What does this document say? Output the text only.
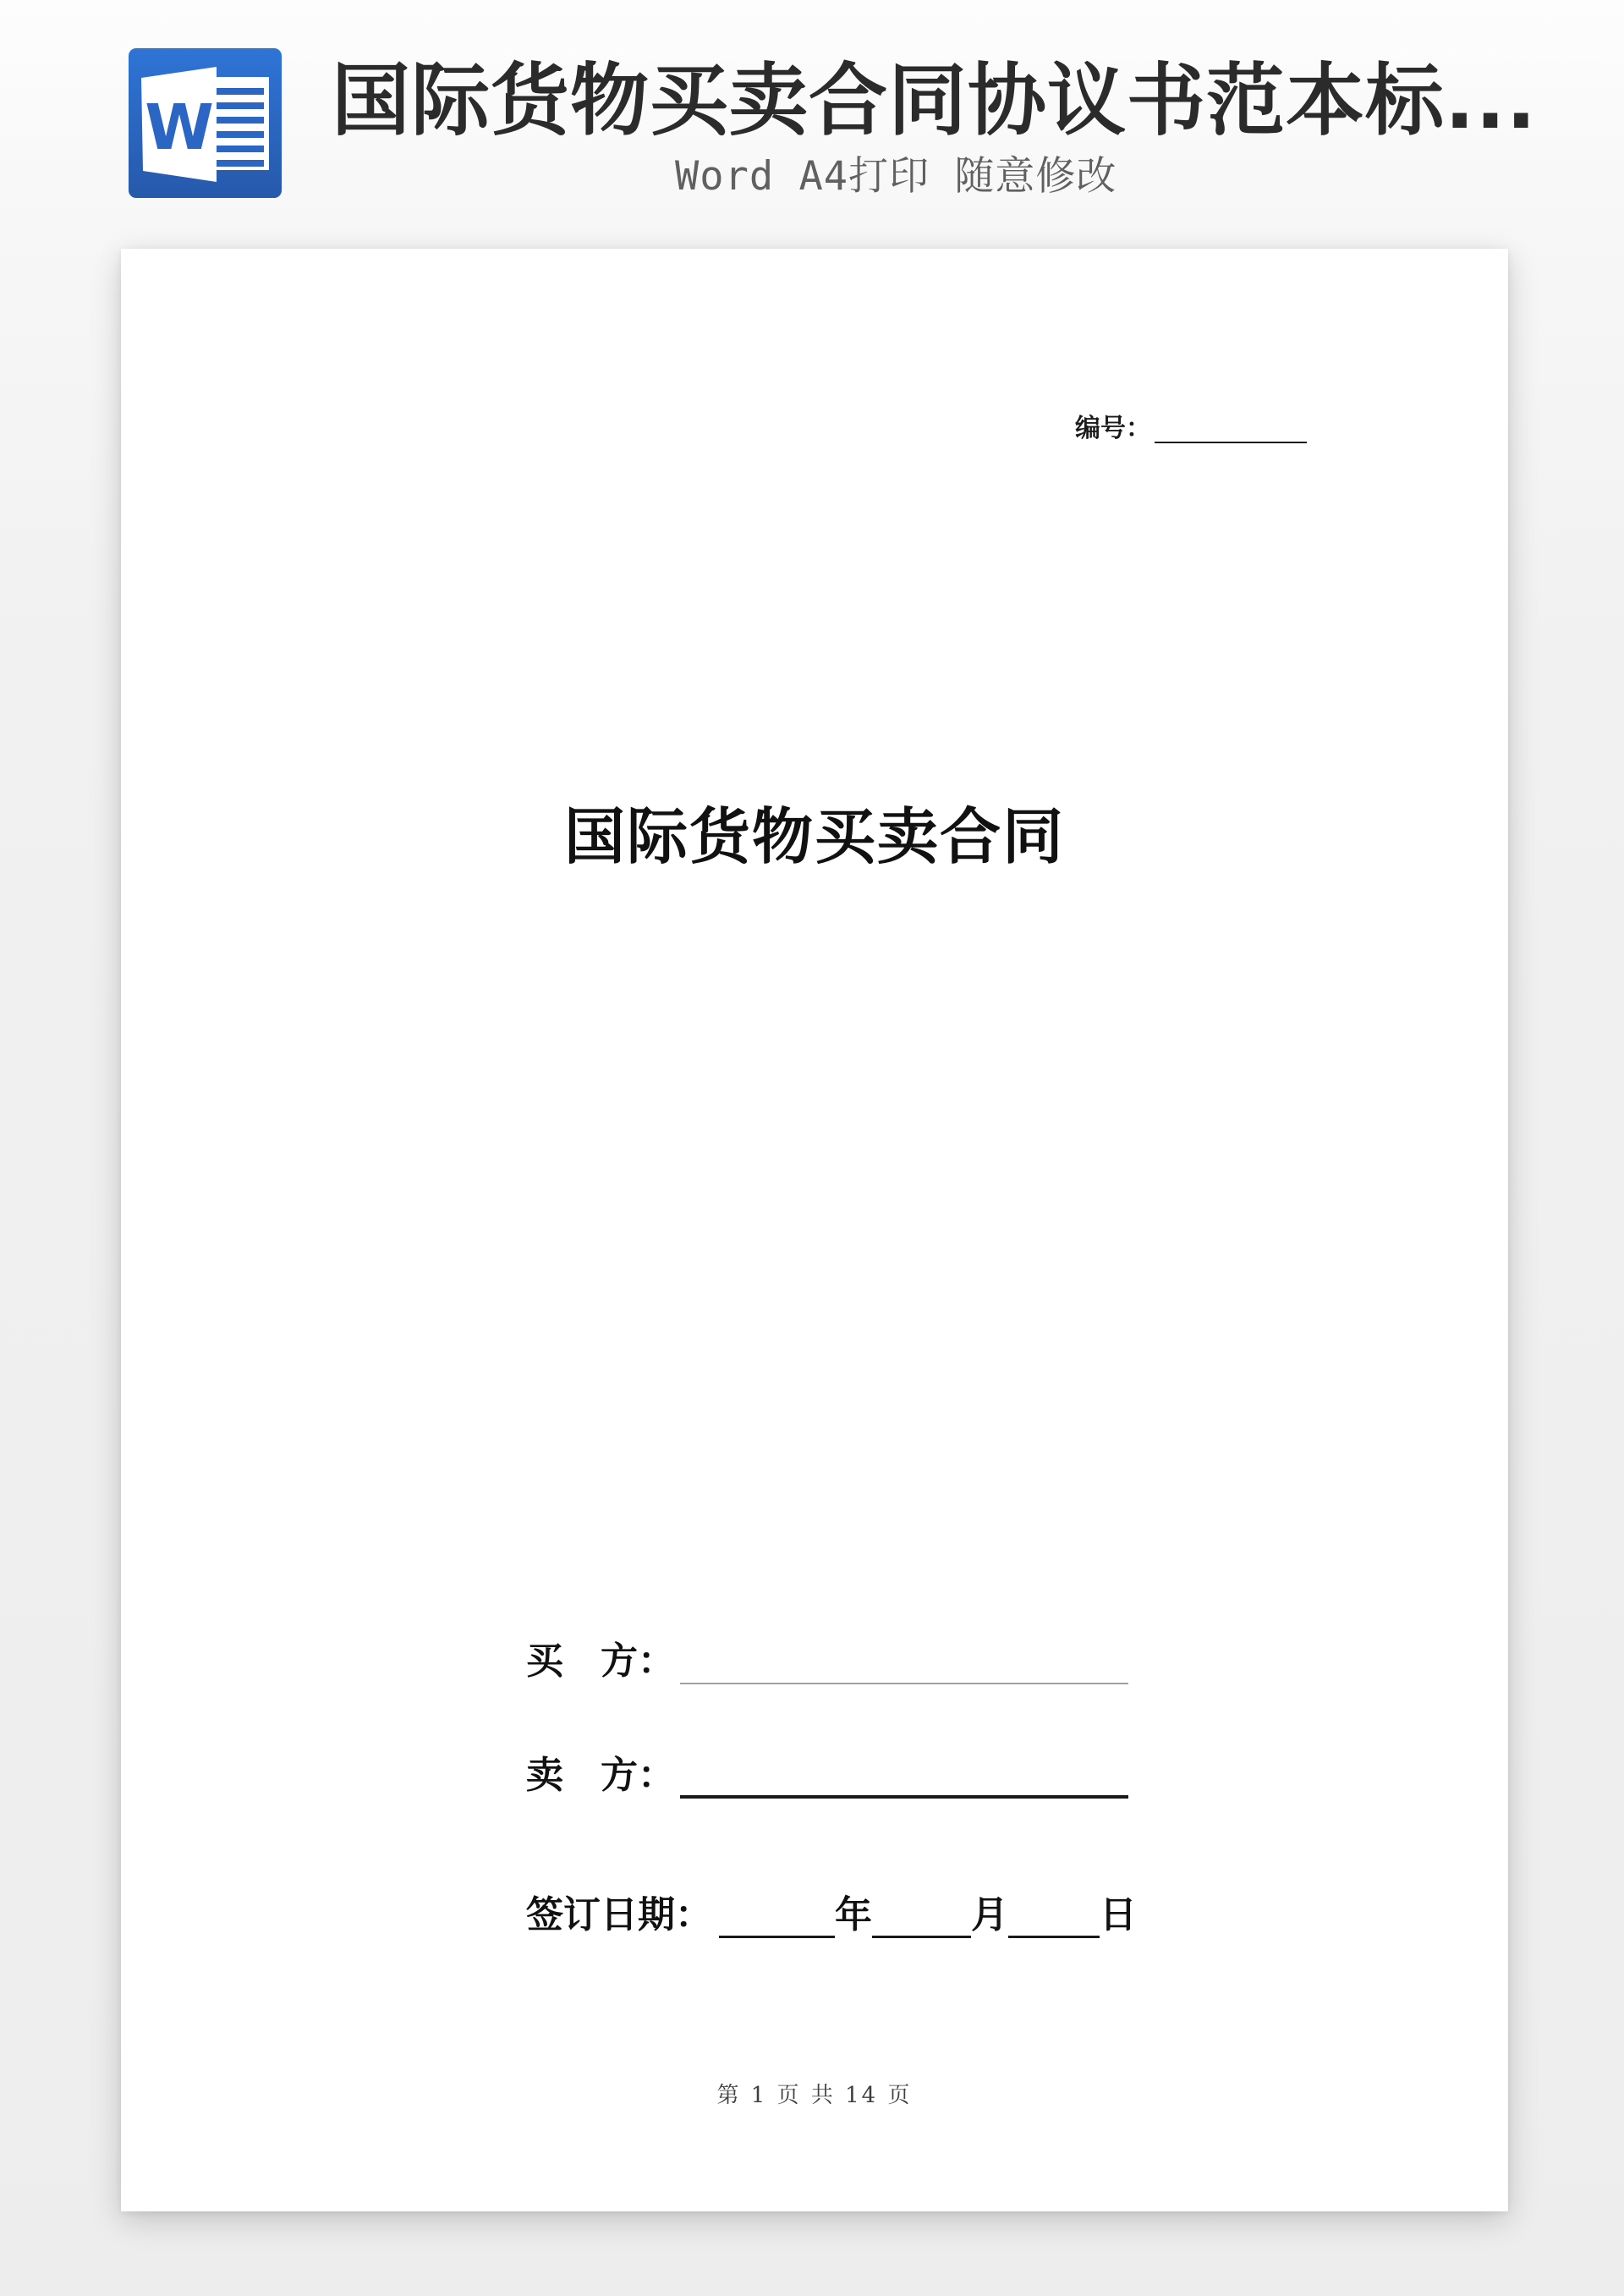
W 国际货物买卖合同协议书范本标...
Word A4打印 随意修改
编号：
国际货物买卖合同
买　方：
卖　方：
签订日期：	年	月 日
第 1 页 共 14 页
